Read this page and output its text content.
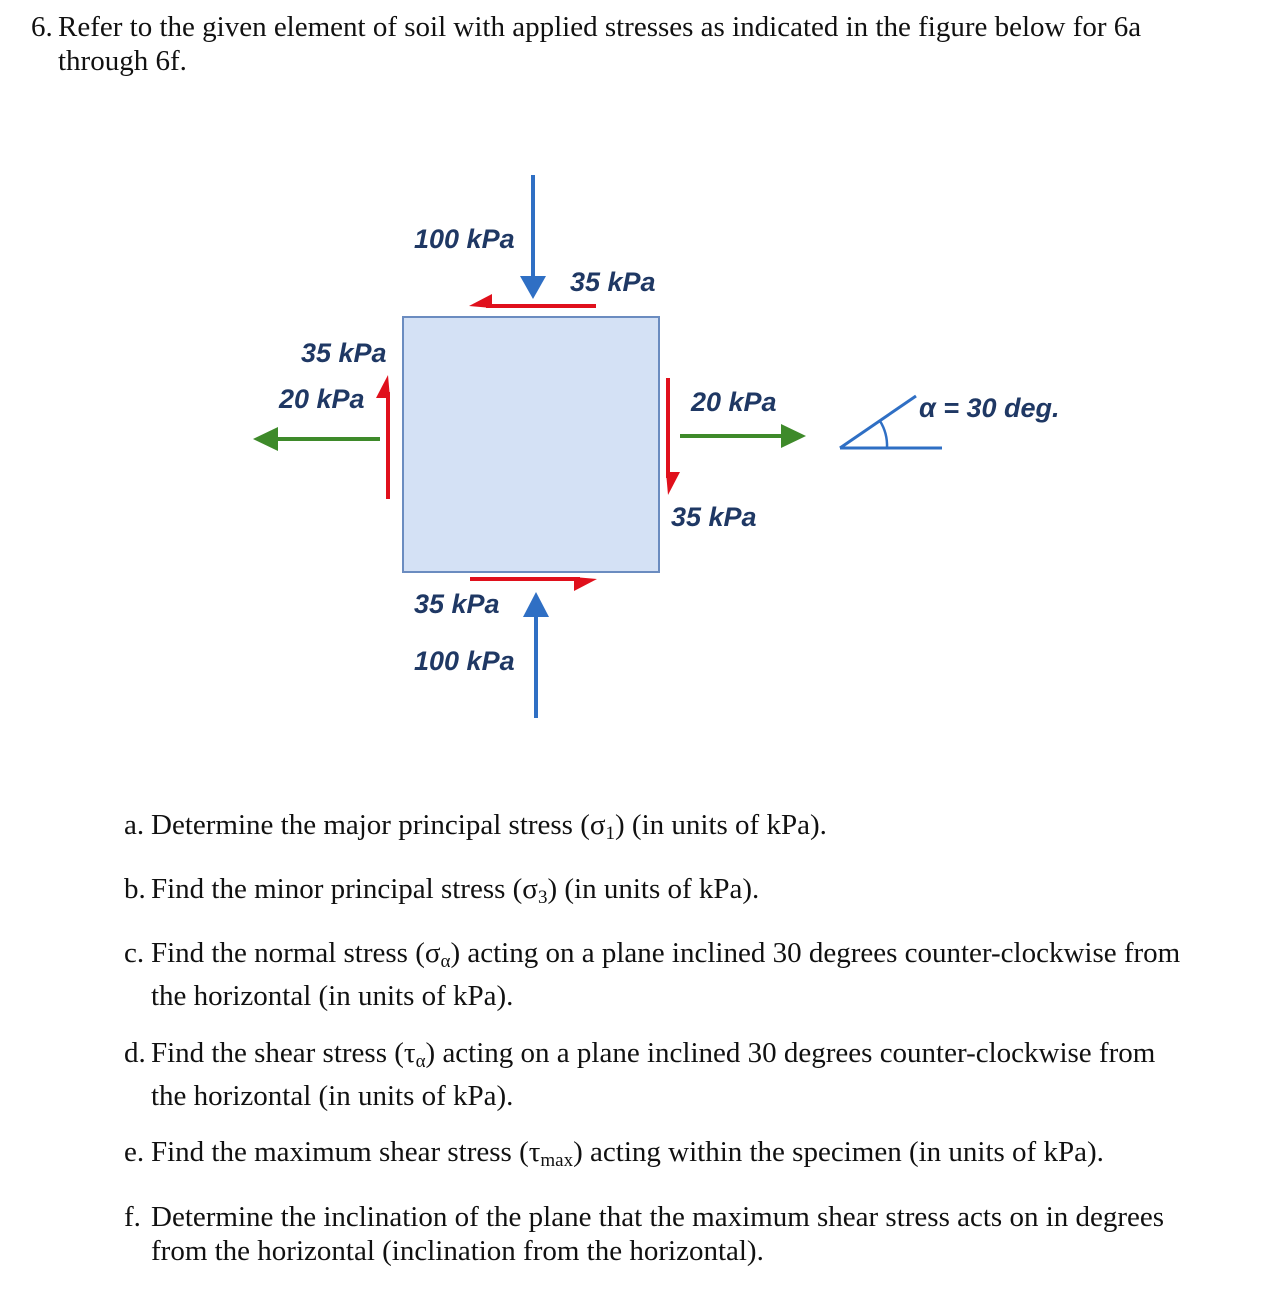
6. Refer to the given element of soil with applied stresses as indicated in the figure below for 6a
through 6f.
100 kPa
35 kPa
35 kPa
20 kPa	20 kPa
35 kPa
35 kPa
100 kPa
α = 30 deg.
a. Determine the major principal stress $(\sigma_1)$ (in units of kPa).
b. Find the minor principal stress $(\sigma_3)$ (in units of kPa).
c. Find the normal stress $(\sigma_\alpha)$ acting on a plane inclined 30 degrees counter-clockwise from
the horizontal (in units of kPa).
d. Find the shear stress $(\tau_\alpha)$ acting on a plane inclined 30 degrees counter-clockwise from
the horizontal (in units of kPa).
e. Find the maximum shear stress $(\tau_{max})$ acting within the specimen (in units of kPa).
f. Determine the inclination of the plane that the maximum shear stress acts on in degrees
from the horizontal (inclination from the horizontal).
